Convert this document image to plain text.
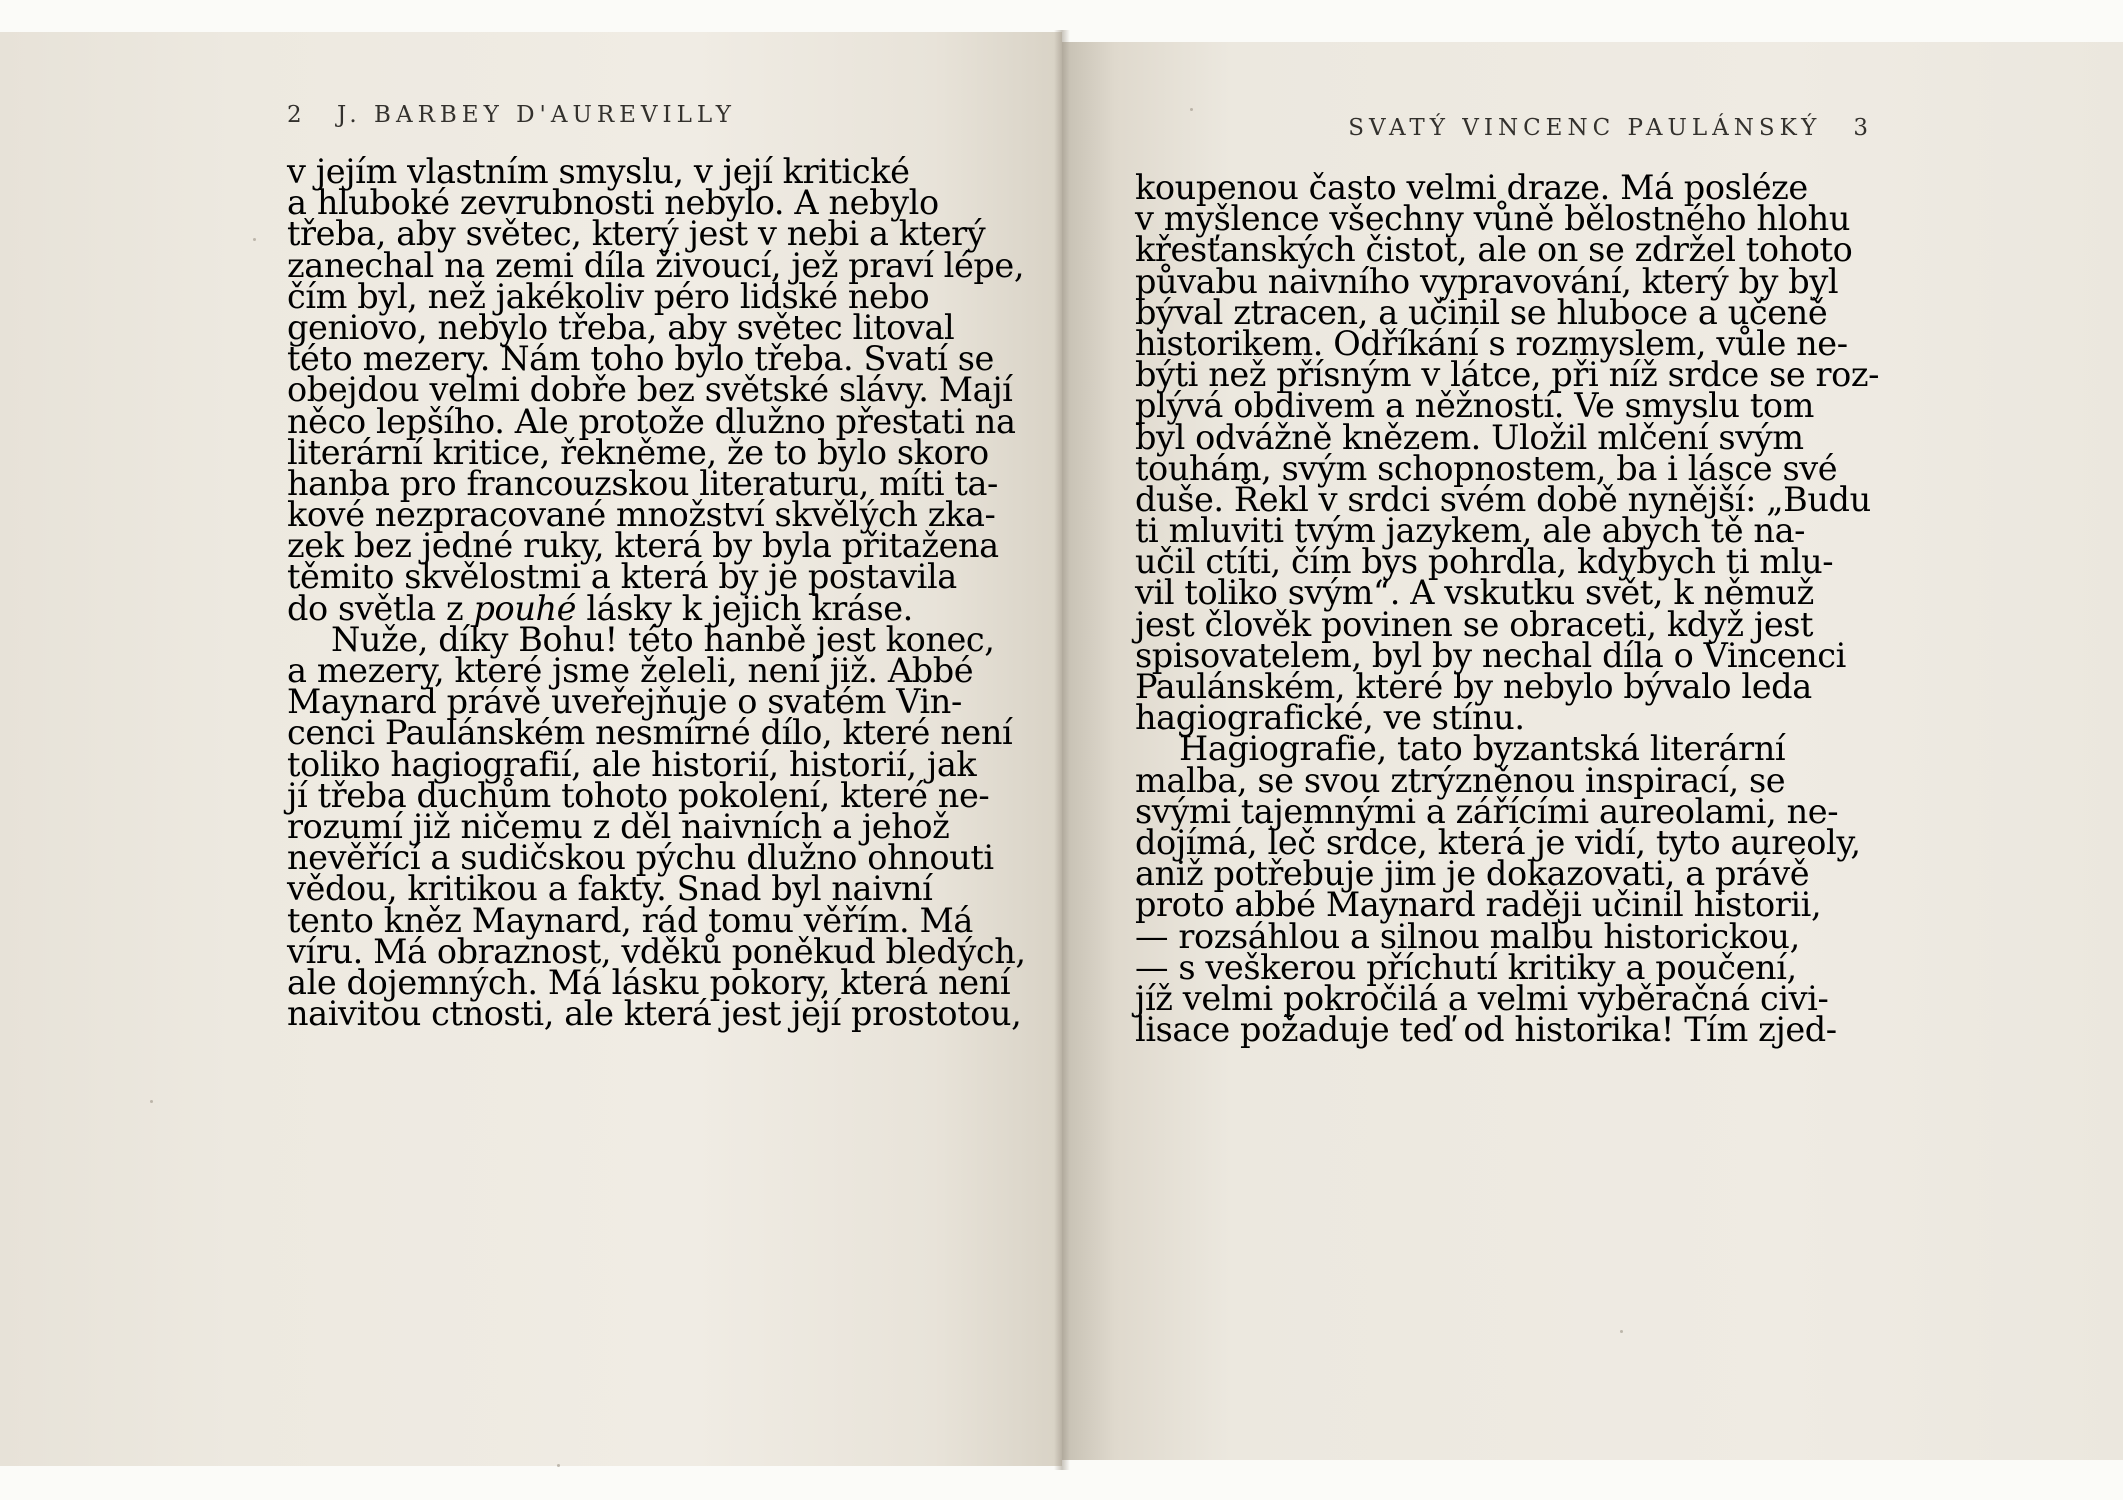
2 J. BARBEY D'AUREVILLY	SVATÝ VINCENC PAULÁNSKÝ 3
v jejím vlastním smyslu, v její kritické
a hluboké zevrubnosti nebylo. A nebylo
třeba, aby světec, který jest v nebi a který
zanechal na zemi díla živoucí, jež praví lépe,
čím byl, než jakékoliv péro lidské nebo
geniovo, nebylo třeba, aby světec litoval
této mezery. Nám toho bylo třeba. Svatí se
obejdou velmi dobře bez světské slávy. Mají
něco lepšího. Ale protože dlužno přestati na
literární kritice, řekněme, že to bylo skoro
hanba pro francouzskou literaturu, míti ta-
kové nezpracované množství skvělých zka-
zek bez jedné ruky, která by byla přitažena
těmito skvělostmi a která by je postavila
do světla z pouhé lásky k jejich kráse.
Nuže, díky Bohu! této hanbě jest konec,
a mezery, které jsme želeli, není již. Abbé
Maynard právě uveřejňuje o svatém Vin-
cenci Paulánském nesmírné dílo, které není
toliko hagiografií, ale historií, historií, jak
jí třeba duchům tohoto pokolení, které ne-
rozumí již ničemu z děl naivních a jehož
nevěřící a sudičskou pýchu dlužno ohnouti
vědou, kritikou a fakty. Snad byl naivní
tento kněz Maynard, rád tomu věřím. Má
víru. Má obraznost, vděků poněkud bledých,
ale dojemných. Má lásku pokory, která není
naivitou ctnosti, ale která jest její prostotou,
koupenou často velmi draze. Má posléze
v myšlence všechny vůně bělostného hlohu
křesťanských čistot, ale on se zdržel tohoto
půvabu naivního vypravování, který by byl
býval ztracen, a učinil se hluboce a učeně
historikem. Odříkání s rozmyslem, vůle ne-
býti než přísným v látce, při níž srdce se roz-
plývá obdivem a něžností. Ve smyslu tom
byl odvážně knězem. Uložil mlčení svým
touhám, svým schopnostem, ba i lásce své
duše. Řekl v srdci svém době nynější: „Budu
ti mluviti tvým jazykem, ale abych tě na-
učil ctíti, čím bys pohrdla, kdybych ti mlu-
vil toliko svým“. A vskutku svět, k němuž
jest člověk povinen se obraceti, když jest
spisovatelem, byl by nechal díla o Vincenci
Paulánském, které by nebylo bývalo leda
hagiografické, ve stínu.
Hagiografie, tato byzantská literární
malba, se svou ztrýzněnou inspirací, se
svými tajemnými a zářícími aureolami, ne-
dojímá, leč srdce, která je vidí, tyto aureoly,
aniž potřebuje jim je dokazovati, a právě
proto abbé Maynard raději učinil historii,
— rozsáhlou a silnou malbu historickou,
— s veškerou příchutí kritiky a poučení,
jíž velmi pokročilá a velmi vyběračná civi-
lisace požaduje teď od historika! Tím zjed-
